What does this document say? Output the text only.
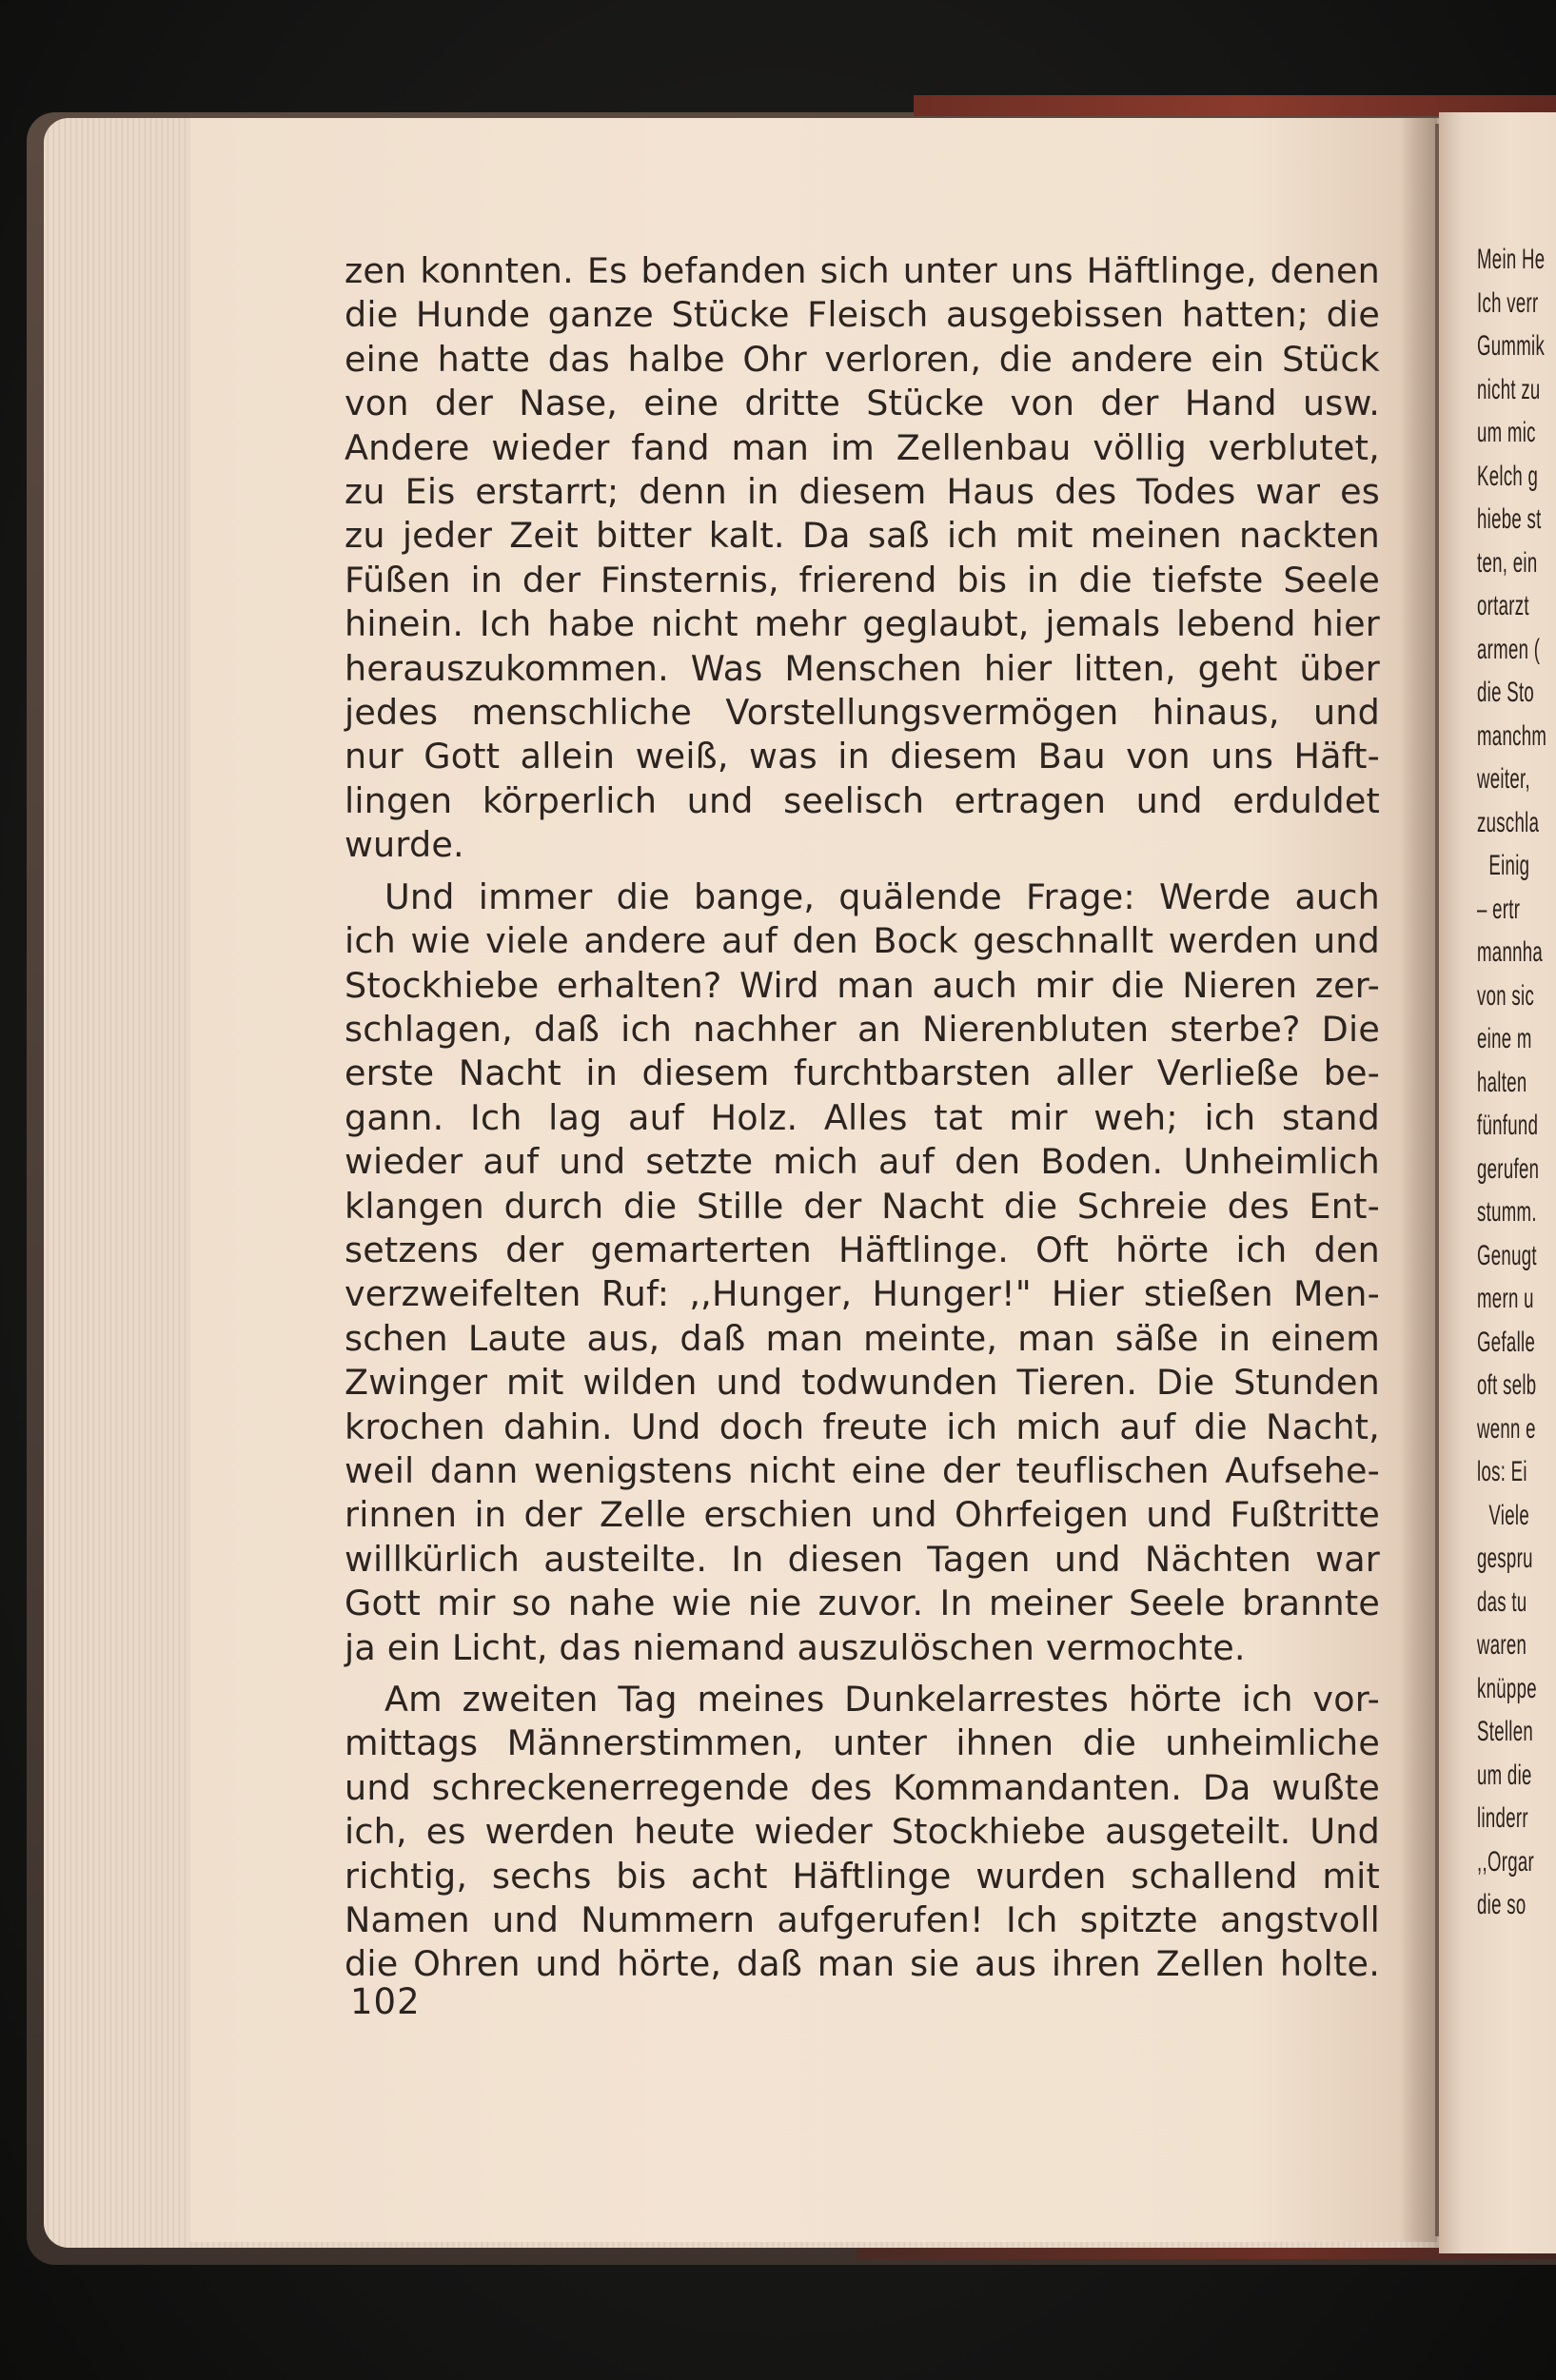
Mein He
Ich verr
Gummik
nicht zu
um mic
Kelch g
hiebe st
ten, ein
ortarzt
armen (
die Sto
manchm
weiter,
zuschla
Einig
– ertr
mannha
von sic
eine m
halten
fünfund
gerufen
stumm.
Genugt
mern u
Gefalle
oft selb
wenn e
los: Ei
Viele
gespru
das tu
waren
knüppe
Stellen
um die
linderr
,,Orgar
die so
zen konnten. Es befanden sich unter uns Häftlinge, denen
die Hunde ganze Stücke Fleisch ausgebissen hatten; die
eine hatte das halbe Ohr verloren, die andere ein Stück
von der Nase, eine dritte Stücke von der Hand usw.
Andere wieder fand man im Zellenbau völlig verblutet,
zu Eis erstarrt; denn in diesem Haus des Todes war es
zu jeder Zeit bitter kalt. Da saß ich mit meinen nackten
Füßen in der Finsternis, frierend bis in die tiefste Seele
hinein. Ich habe nicht mehr geglaubt, jemals lebend hier
herauszukommen. Was Menschen hier litten, geht über
jedes menschliche Vorstellungsvermögen hinaus, und
nur Gott allein weiß, was in diesem Bau von uns Häft-
lingen körperlich und seelisch ertragen und erduldet
wurde.
Und immer die bange, quälende Frage: Werde auch
ich wie viele andere auf den Bock geschnallt werden und
Stockhiebe erhalten? Wird man auch mir die Nieren zer-
schlagen, daß ich nachher an Nierenbluten sterbe? Die
erste Nacht in diesem furchtbarsten aller Verließe be-
gann. Ich lag auf Holz. Alles tat mir weh; ich stand
wieder auf und setzte mich auf den Boden. Unheimlich
klangen durch die Stille der Nacht die Schreie des Ent-
setzens der gemarterten Häftlinge. Oft hörte ich den
verzweifelten Ruf: ,,Hunger, Hunger!" Hier stießen Men-
schen Laute aus, daß man meinte, man säße in einem
Zwinger mit wilden und todwunden Tieren. Die Stunden
krochen dahin. Und doch freute ich mich auf die Nacht,
weil dann wenigstens nicht eine der teuflischen Aufsehe-
rinnen in der Zelle erschien und Ohrfeigen und Fußtritte
willkürlich austeilte. In diesen Tagen und Nächten war
Gott mir so nahe wie nie zuvor. In meiner Seele brannte
ja ein Licht, das niemand auszulöschen vermochte.
Am zweiten Tag meines Dunkelarrestes hörte ich vor-
mittags Männerstimmen, unter ihnen die unheimliche
und schreckenerregende des Kommandanten. Da wußte
ich, es werden heute wieder Stockhiebe ausgeteilt. Und
richtig, sechs bis acht Häftlinge wurden schallend mit
Namen und Nummern aufgerufen! Ich spitzte angstvoll
die Ohren und hörte, daß man sie aus ihren Zellen holte.
102
